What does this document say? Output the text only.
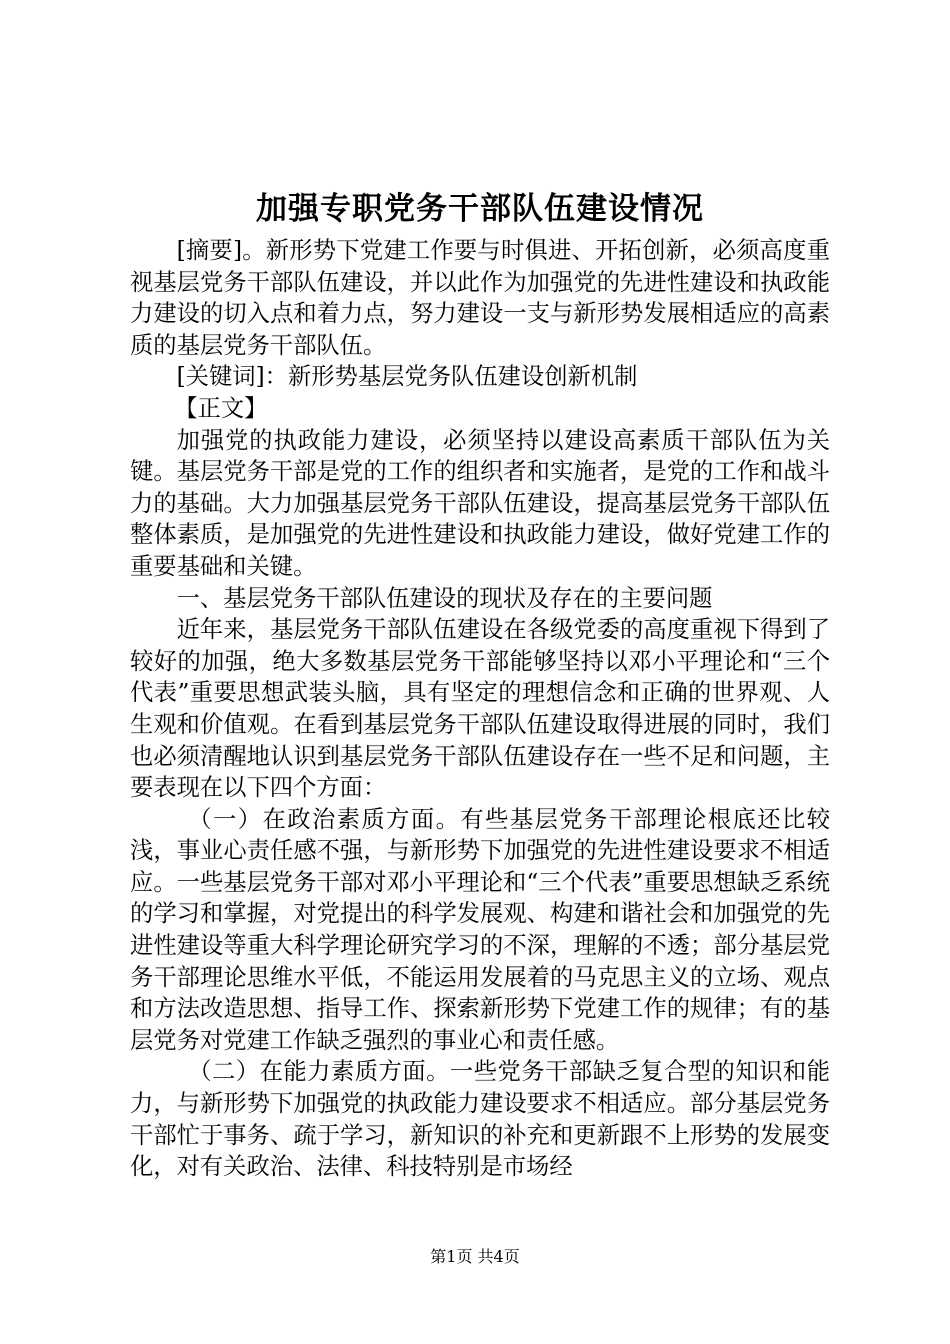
加强专职党务干部队伍建设情况

[摘要]。新形势下党建工作要与时俱进、开拓创新，必须高度重视基层党务干部队伍建设，并以此作为加强党的先进性建设和执政能力建设的切入点和着力点，努力建设一支与新形势发展相适应的高素质的基层党务干部队伍。

[关键词]：新形势基层党务队伍建设创新机制

【正文】

加强党的执政能力建设，必须坚持以建设高素质干部队伍为关键。基层党务干部是党的工作的组织者和实施者，是党的工作和战斗力的基础。大力加强基层党务干部队伍建设，提高基层党务干部队伍整体素质，是加强党的先进性建设和执政能力建设，做好党建工作的重要基础和关键。

一、基层党务干部队伍建设的现状及存在的主要问题

近年来，基层党务干部队伍建设在各级党委的高度重视下得到了较好的加强，绝大多数基层党务干部能够坚持以邓小平理论和“三个代表”重要思想武装头脑，具有坚定的理想信念和正确的世界观、人生观和价值观。在看到基层党务干部队伍建设取得进展的同时，我们也必须清醒地认识到基层党务干部队伍建设存在一些不足和问题，主要表现在以下四个方面：

（一）在政治素质方面。有些基层党务干部理论根底还比较浅，事业心责任感不强，与新形势下加强党的先进性建设要求不相适应。一些基层党务干部对邓小平理论和“三个代表”重要思想缺乏系统的学习和掌握，对党提出的科学发展观、构建和谐社会和加强党的先进性建设等重大科学理论研究学习的不深，理解的不透；部分基层党务干部理论思维水平低，不能运用发展着的马克思主义的立场、观点和方法改造思想、指导工作、探索新形势下党建工作的规律；有的基层党务对党建工作缺乏强烈的事业心和责任感。

（二）在能力素质方面。一些党务干部缺乏复合型的知识和能力，与新形势下加强党的执政能力建设要求不相适应。部分基层党务干部忙于事务、疏于学习，新知识的补充和更新跟不上形势的发展变化，对有关政治、法律、科技特别是市场经

第1页 共4页
